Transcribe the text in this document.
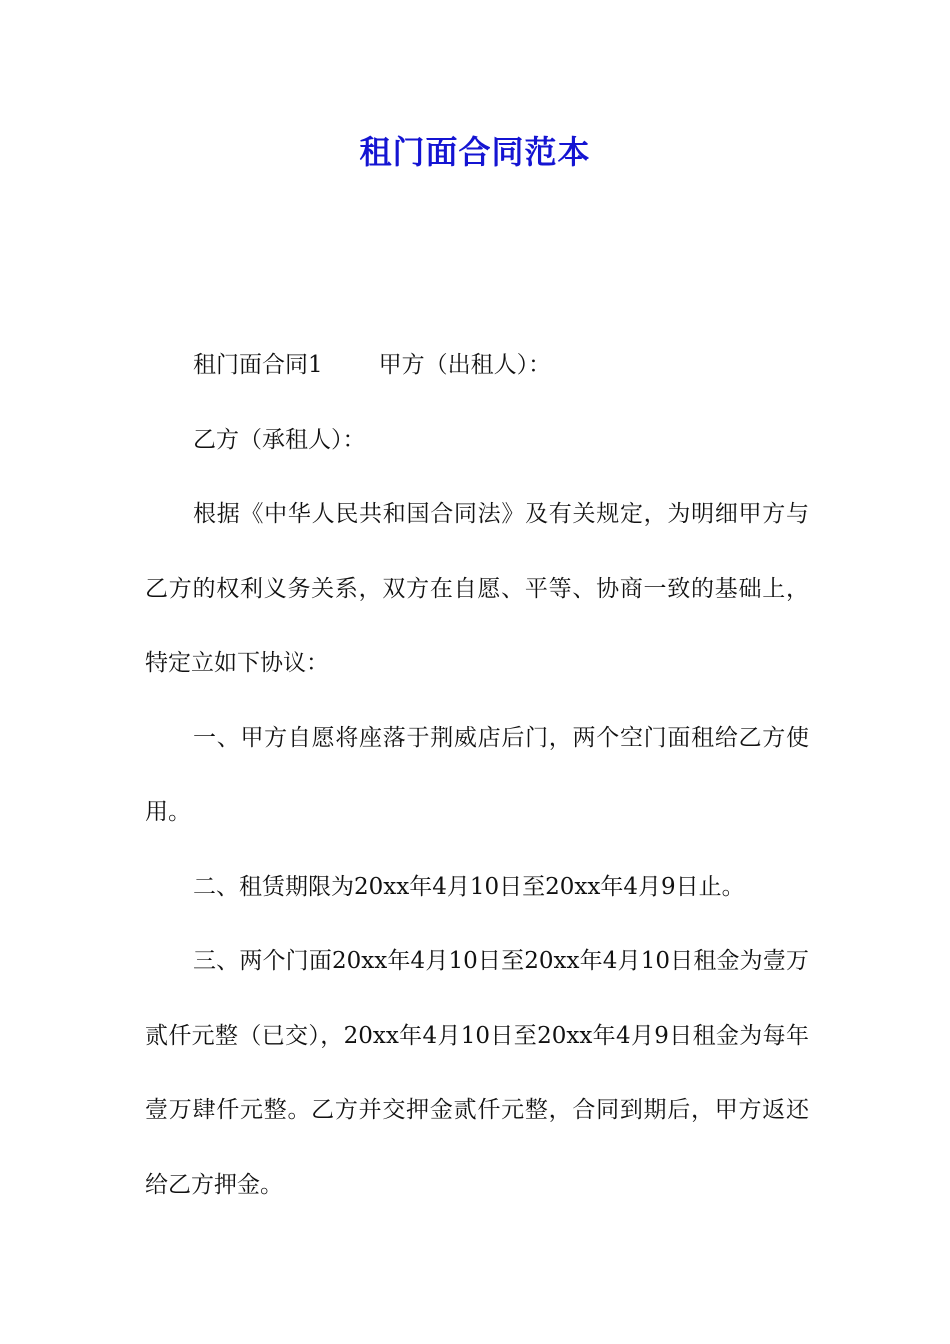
租门面合同范本

租门面合同1 甲方（出租人）：

乙方（承租人）：

根据《中华人民共和国合同法》及有关规定，为明细甲方与乙方的权利义务关系，双方在自愿、平等、协商一致的基础上，特定立如下协议：

一、甲方自愿将座落于荆威店后门，两个空门面租给乙方使用。

二、租赁期限为20xx年4月10日至20xx年4月9日止。

三、两个门面20xx年4月10日至20xx年4月10日租金为壹万贰仟元整（已交），20xx年4月10日至20xx年4月9日租金为每年壹万肆仟元整。乙方并交押金贰仟元整，合同到期后，甲方返还给乙方押金。
